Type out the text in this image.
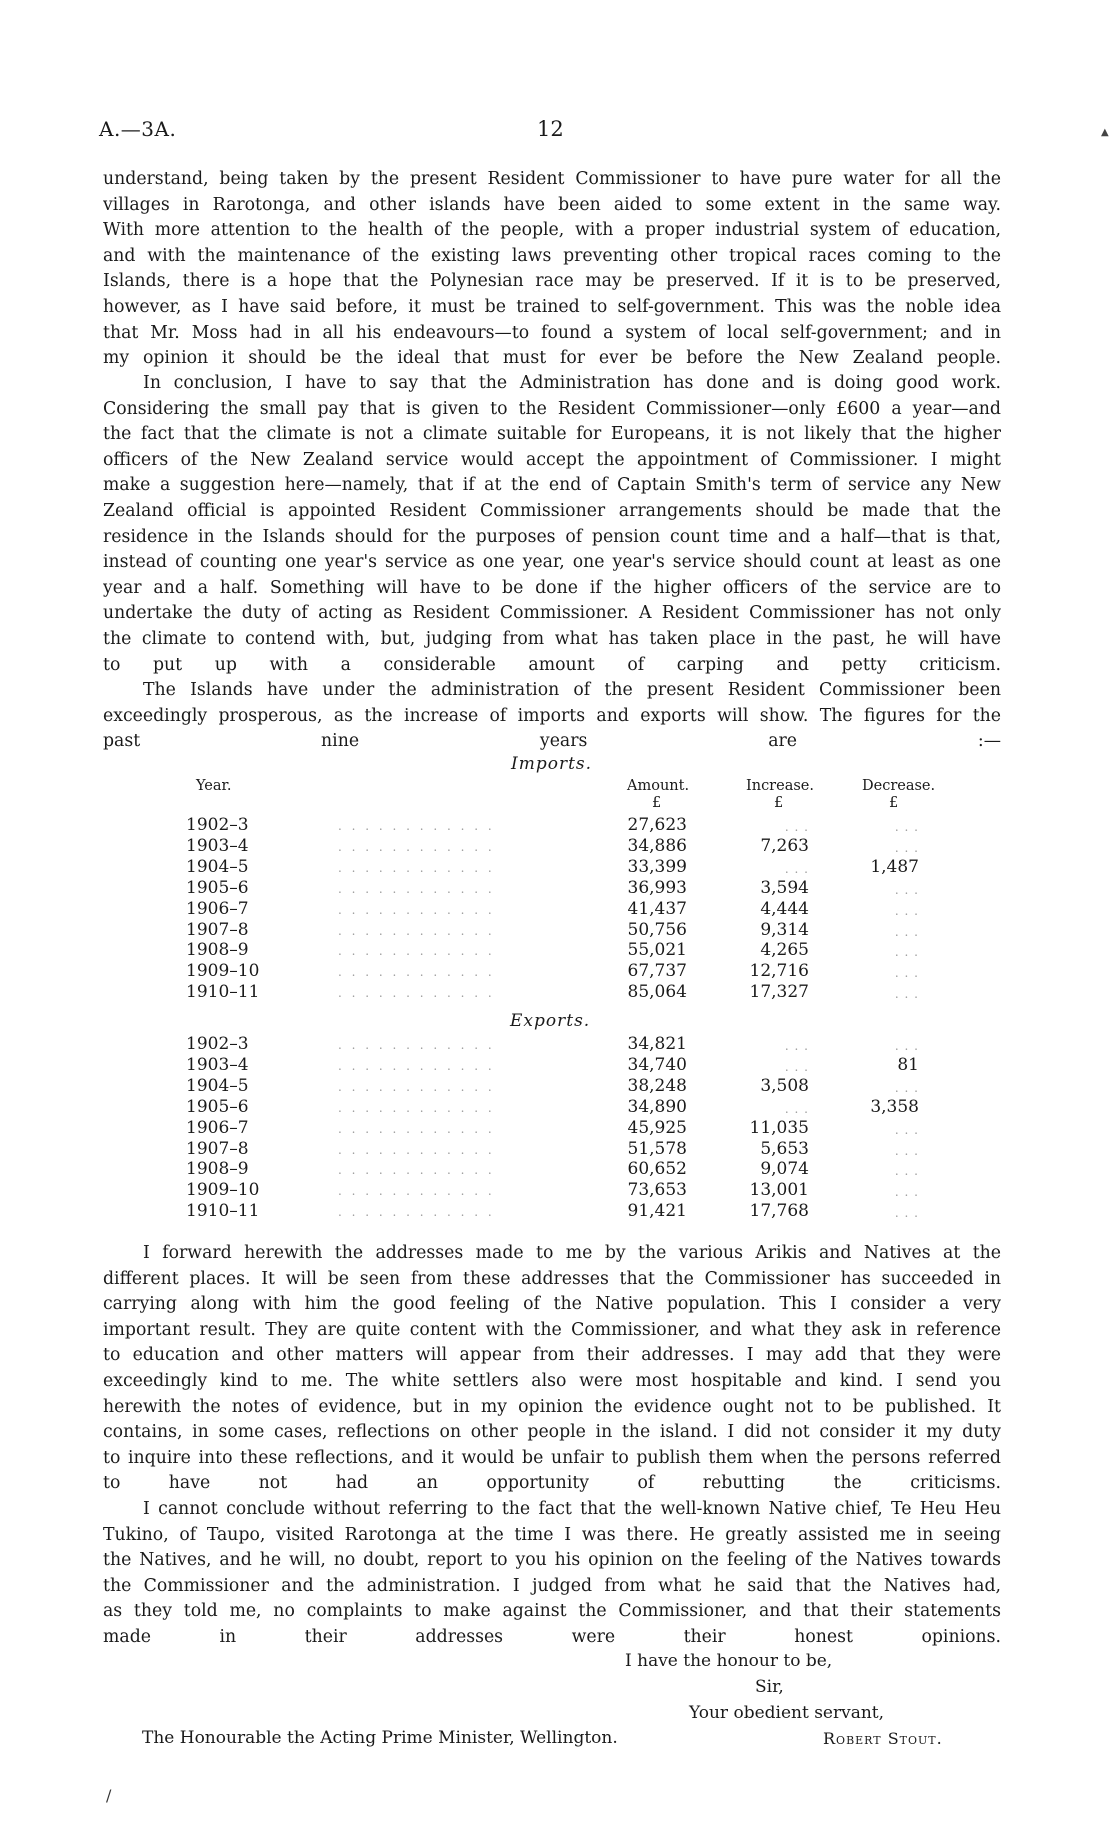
A.—3A.	12	▲
understand, being taken by the present Resident Commissioner to have pure water for all the
villages in Rarotonga, and other islands have been aided to some extent in the same way.
With more attention to the health of the people, with a proper industrial system of education,
and with the maintenance of the existing laws preventing other tropical races coming to the
Islands, there is a hope that the Polynesian race may be preserved. If it is to be preserved,
however, as I have said before, it must be trained to self-government. This was the noble idea
that Mr. Moss had in all his endeavours—to found a system of local self-government; and in
my opinion it should be the ideal that must for ever be before the New Zealand people.
In conclusion, I have to say that the Administration has done and is doing good work.
Considering the small pay that is given to the Resident Commissioner—only £600 a year—and
the fact that the climate is not a climate suitable for Europeans, it is not likely that the higher
officers of the New Zealand service would accept the appointment of Commissioner. I might
make a suggestion here—namely, that if at the end of Captain Smith's term of service any New
Zealand official is appointed Resident Commissioner arrangements should be made that the
residence in the Islands should for the purposes of pension count time and a half—that is that,
instead of counting one year's service as one year, one year's service should count at least as one
year and a half. Something will have to be done if the higher officers of the service are to
undertake the duty of acting as Resident Commissioner. A Resident Commissioner has not only
the climate to contend with, but, judging from what has taken place in the past, he will have
to put up with a considerable amount of carping and petty criticism.
The Islands have under the administration of the present Resident Commissioner been
exceedingly prosperous, as the increase of imports and exports will show. The figures for the
past nine years are :—
Imports.
Year.	Amount.	Increase.	Decrease.
£	£	£
1902–3	. . . . . . . . . . . .	27,623	. . .	. . .
1903–4	. . . . . . . . . . . .	34,886	7,263	. . .
1904–5	. . . . . . . . . . . .	33,399	. . .	1,487
1905–6	. . . . . . . . . . . .	36,993	3,594	. . .
1906–7	. . . . . . . . . . . .	41,437	4,444	. . .
1907–8	. . . . . . . . . . . .	50,756	9,314	. . .
1908–9	. . . . . . . . . . . .	55,021	4,265	. . .
1909–10	. . . . . . . . . . . .	67,737	12,716	. . .
1910–11	. . . . . . . . . . . .	85,064	17,327	. . .
Exports.
1902–3	. . . . . . . . . . . .	34,821	. . .	. . .
1903–4	. . . . . . . . . . . .	34,740	. . .	81
1904–5	. . . . . . . . . . . .	38,248	3,508	. . .
1905–6	. . . . . . . . . . . .	34,890	. . .	3,358
1906–7	. . . . . . . . . . . .	45,925	11,035	. . .
1907–8	. . . . . . . . . . . .	51,578	5,653	. . .
1908–9	. . . . . . . . . . . .	60,652	9,074	. . .
1909–10	. . . . . . . . . . . .	73,653	13,001	. . .
1910–11	. . . . . . . . . . . .	91,421	17,768	. . .
I forward herewith the addresses made to me by the various Arikis and Natives at the
different places. It will be seen from these addresses that the Commissioner has succeeded in
carrying along with him the good feeling of the Native population. This I consider a very
important result. They are quite content with the Commissioner, and what they ask in reference
to education and other matters will appear from their addresses. I may add that they were
exceedingly kind to me. The white settlers also were most hospitable and kind. I send you
herewith the notes of evidence, but in my opinion the evidence ought not to be published. It
contains, in some cases, reflections on other people in the island. I did not consider it my duty
to inquire into these reflections, and it would be unfair to publish them when the persons referred
to have not had an opportunity of rebutting the criticisms.
I cannot conclude without referring to the fact that the well-known Native chief, Te Heu Heu
Tukino, of Taupo, visited Rarotonga at the time I was there. He greatly assisted me in seeing
the Natives, and he will, no doubt, report to you his opinion on the feeling of the Natives towards
the Commissioner and the administration. I judged from what he said that the Natives had,
as they told me, no complaints to make against the Commissioner, and that their statements
made in their addresses were their honest opinions.
I have the honour to be,
Sir,
Your obedient servant,
The Honourable the Acting Prime Minister, Wellington.	Robert Stout.
/
